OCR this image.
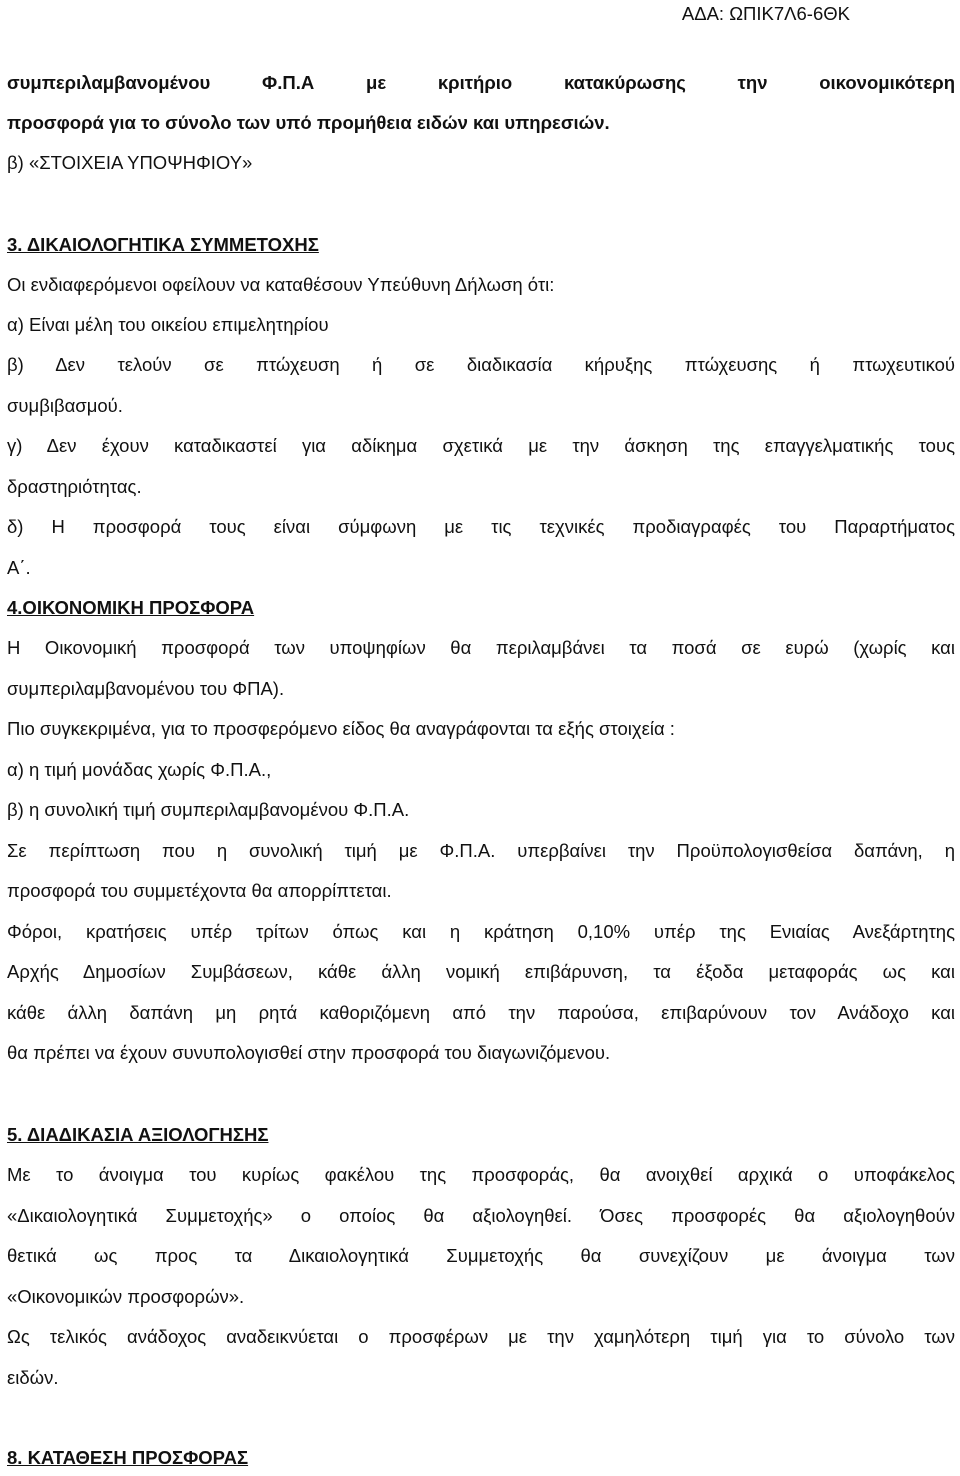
ΑΔΑ: ΩΠΙΚ7Λ6-6ΘΚ
συμπεριλαμβανομένου Φ.Π.Α με κριτήριο κατακύρωσης την οικονομικότερη
προσφορά για το σύνολο των υπό προμήθεια ειδών και υπηρεσιών.
β) «ΣΤΟΙΧΕΙΑ ΥΠΟΨΗΦΙΟΥ»
3. ΔΙΚΑΙΟΛΟΓΗΤΙΚΑ ΣΥΜΜΕΤΟΧΗΣ
Οι ενδιαφερόμενοι οφείλουν να καταθέσουν Υπεύθυνη Δήλωση ότι:
α) Είναι μέλη του οικείου επιμελητηρίου
β) Δεν τελούν σε πτώχευση ή σε διαδικασία κήρυξης πτώχευσης ή πτωχευτικού
συμβιβασμού.
γ) Δεν έχουν καταδικαστεί για αδίκημα σχετικά με την άσκηση της επαγγελματικής τους
δραστηριότητας.
δ) Η προσφορά τους είναι σύμφωνη με τις τεχνικές προδιαγραφές του Παραρτήματος
Α΄.
4.ΟΙΚΟΝΟΜΙΚΗ ΠΡΟΣΦΟΡΑ
Η Οικονομική προσφορά των υποψηφίων θα περιλαμβάνει τα ποσά σε ευρώ (χωρίς και
συμπεριλαμβανομένου του ΦΠΑ).
Πιο συγκεκριμένα, για το προσφερόμενο είδος θα αναγράφονται τα εξής στοιχεία :
α) η τιμή μονάδας χωρίς Φ.Π.Α.,
β) η συνολική τιμή συμπεριλαμβανομένου Φ.Π.Α.
Σε περίπτωση που η συνολική τιμή με Φ.Π.Α. υπερβαίνει την Προϋπολογισθείσα δαπάνη, η
προσφορά του συμμετέχοντα θα απορρίπτεται.
Φόροι, κρατήσεις υπέρ τρίτων όπως και η κράτηση 0,10% υπέρ της Ενιαίας Ανεξάρτητης
Αρχής Δημοσίων Συμβάσεων, κάθε άλλη νομική επιβάρυνση, τα έξοδα μεταφοράς ως και
κάθε άλλη δαπάνη μη ρητά καθοριζόμενη από την παρούσα, επιβαρύνουν τον Ανάδοχο και
θα πρέπει να έχουν συνυπολογισθεί στην προσφορά του διαγωνιζόμενου.
5. ΔΙΑΔΙΚΑΣΙΑ ΑΞΙΟΛΟΓΗΣΗΣ
Με το άνοιγμα του κυρίως φακέλου της προσφοράς, θα ανοιχθεί αρχικά ο υποφάκελος
«Δικαιολογητικά Συμμετοχής» ο οποίος θα αξιολογηθεί. Όσες προσφορές θα αξιολογηθούν
θετικά ως προς τα Δικαιολογητικά Συμμετοχής θα συνεχίζουν με άνοιγμα των
«Οικονομικών προσφορών».
Ως τελικός ανάδοχος αναδεικνύεται ο προσφέρων με την χαμηλότερη τιμή για το σύνολο των
ειδών.
8. ΚΑΤΑΘΕΣΗ ΠΡΟΣΦΟΡΑΣ
